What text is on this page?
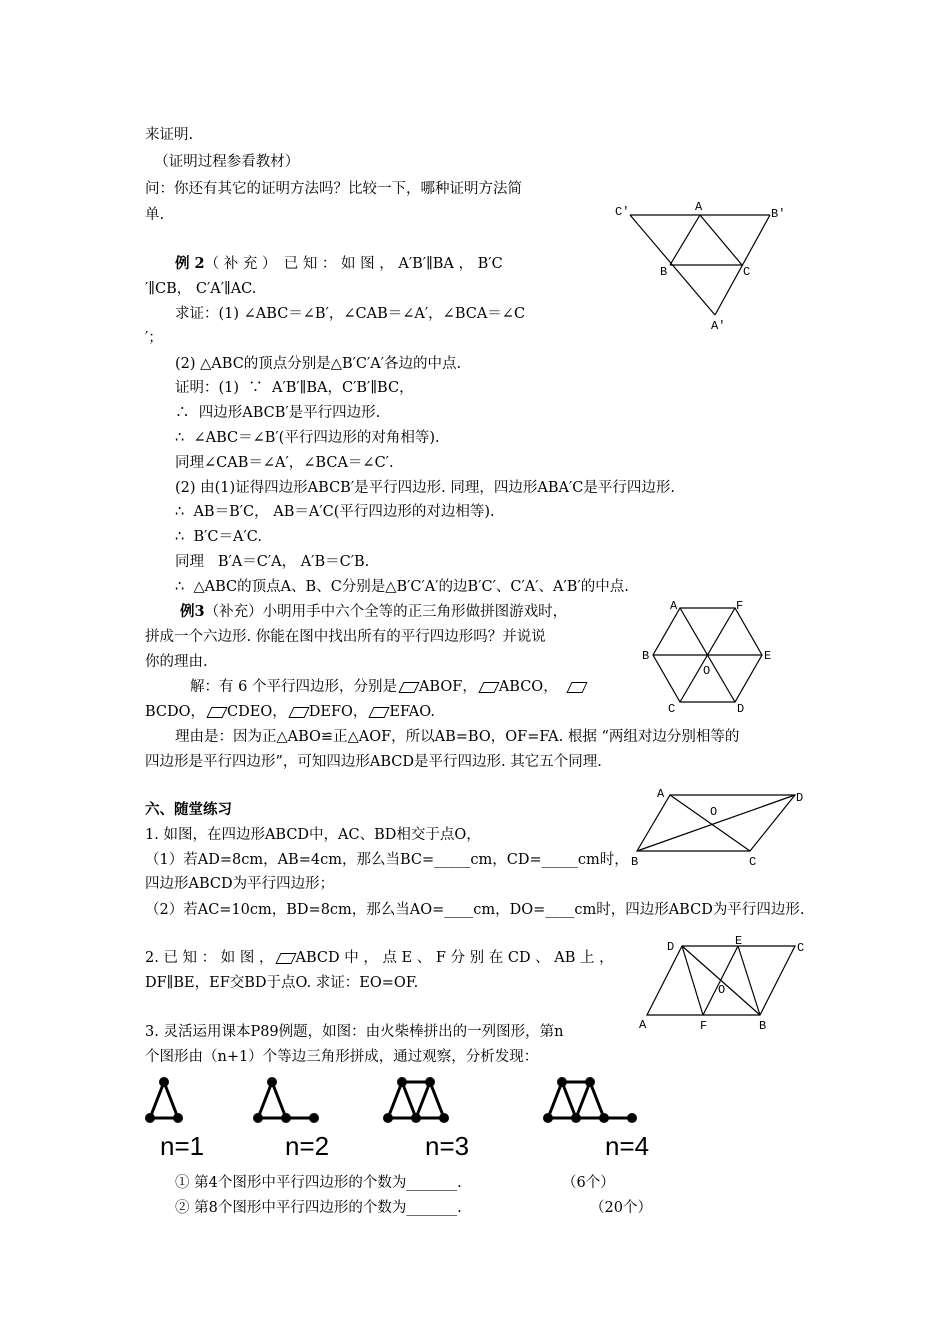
来证明.
（证明过程参看教材）
问：你还有其它的证明方法吗？比较一下，哪种证明方法简
单.
例 2（ 补 充 ）　已 知 ： 如 图 ， A′B′∥BA ， B′C
′∥CB， C′A′∥AC.
求证：(1) ∠ABC＝∠B′，∠CAB＝∠A′，∠BCA＝∠C
′；
(2) △ABC的顶点分别是△B′C′A′各边的中点.
证明：(1)  ∵  A′B′∥BA，C′B′∥BC，
∴  四边形ABCB′是平行四边形.
∴  ∠ABC＝∠B′(平行四边形的对角相等).
同理∠CAB＝∠A′，∠BCA＝∠C′.
(2) 由(1)证得四边形ABCB′是平行四边形. 同理，四边形ABA′C是平行四边形.
∴  AB＝B′C， AB＝A′C(平行四边形的对边相等).
∴  B′C＝A′C.
同理   B′A＝C′A， A′B＝C′B.
∴  △ABC的顶点A、B、C分别是△B′C′A′的边B′C′、C′A′、A′B′的中点.
例3（补充）小明用手中六个全等的正三角形做拼图游戏时，
拼成一个六边形. 你能在图中找出所有的平行四边形吗？并说说
你的理由.
解：有 6 个平行四边形，分别是 ABOF， ABCO，　
BCDO， CDEO， DEFO， EFAO.
理由是：因为正△ABO≌正△AOF，所以AB=BO，OF=FA. 根据 “两组对边分别相等的
四边形是平行四边形”，可知四边形ABCD是平行四边形. 其它五个同理.
六、随堂练习
1. 如图，在四边形ABCD中，AC、BD相交于点O，
（1）若AD=8cm，AB=4cm，那么当BC=_____cm，CD=_____cm时，
四边形ABCD为平行四边形；
（2）若AC=10cm，BD=8cm，那么当AO=____cm，DO=____cm时，四边形ABCD为平行四边形.
2. 已 知 ： 如 图 ， ABCD 中 ， 点 E 、 F 分 别 在 CD 、 AB 上 ，
DF∥BE，EF交BD于点O. 求证：EO=OF.
3. 灵活运用课本P89例题，如图：由火柴棒拼出的一列图形，第n
个图形由（n+1）个等边三角形拼成，通过观察，分析发现：
① 第4个图形中平行四边形的个数为_______.	（6个）
② 第8个图形中平行四边形的个数为_______.	（20个）
C'	A	B'
B	C
A'
A	F
B	E
O
C	D
A	D
O
B	C
D	E	C
O
A	F	B
n=1	n=2	n=3	n=4
